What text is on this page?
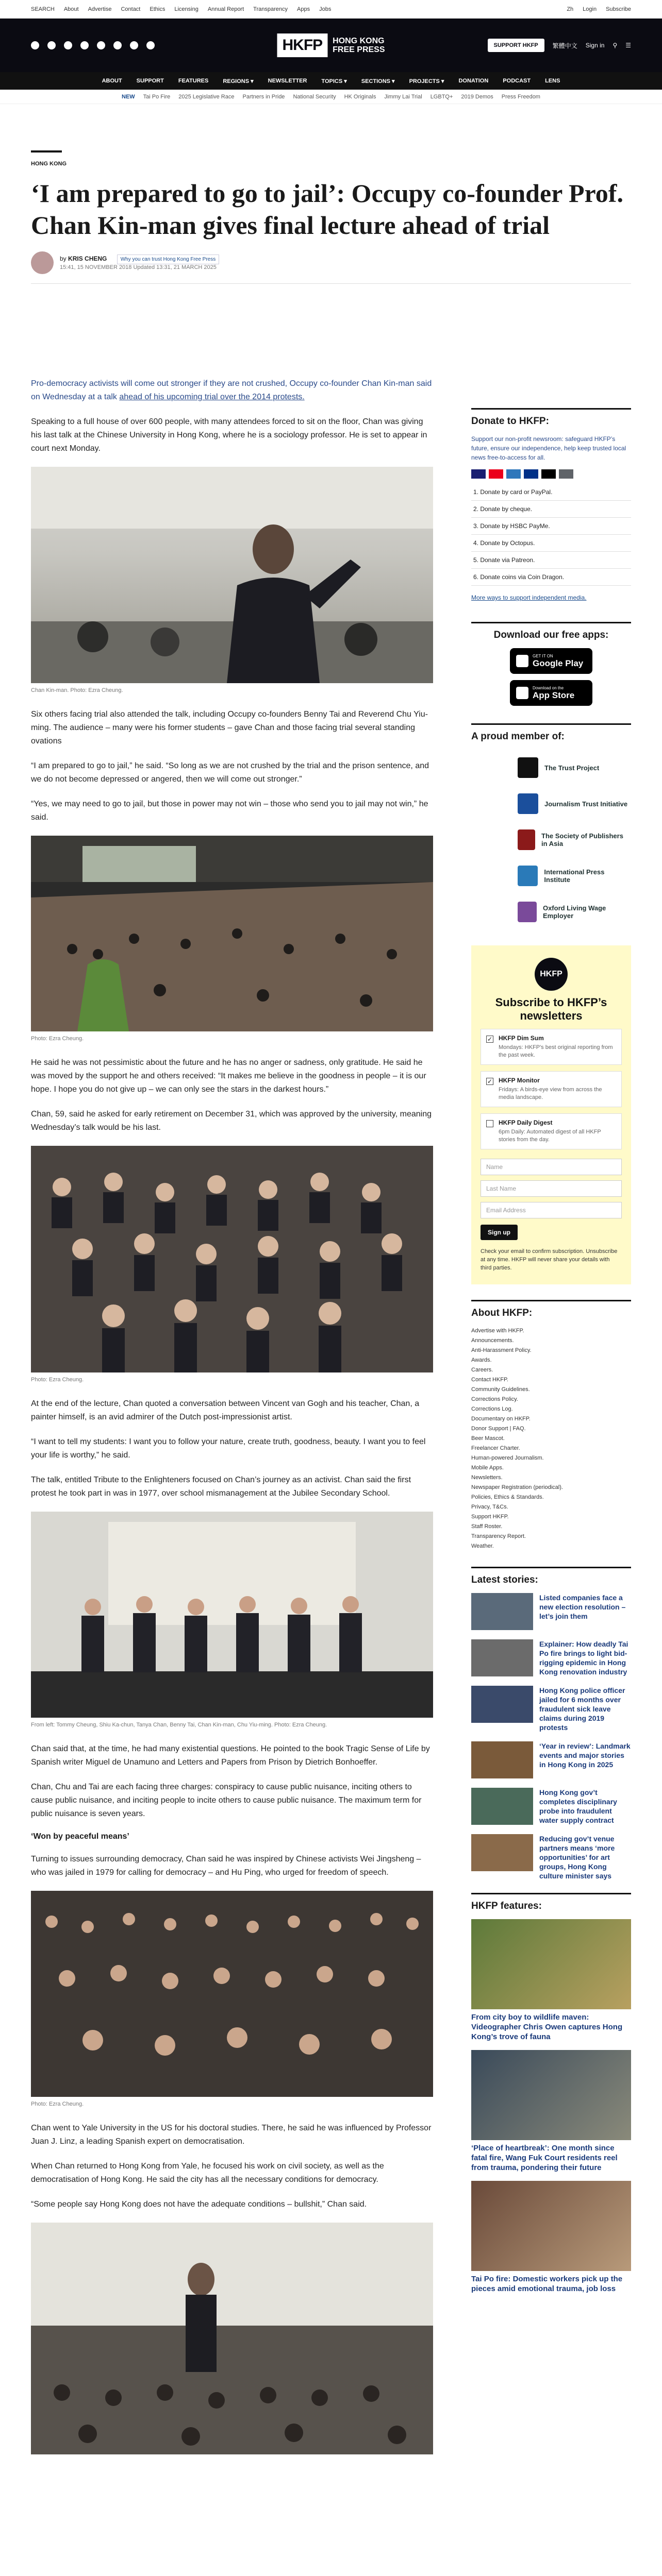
SEARCH About Advertise Contact Ethics Licensing Annual Report Transparency Apps Jobs	Zh Login Subscribe
HKFP	HONG KONG
FREE PRESS	SUPPORT HKFP	繁體中文 Sign in ⚲ ☰
ABOUT	SUPPORT	FEATURES	REGIONS ▾	NEWSLETTER	TOPICS ▾	SECTIONS ▾	PROJECTS ▾	DONATION	PODCAST	LENS
NEW Tai Po Fire 2025 Legislative Race Partners in Pride National Security HK Originals Jimmy Lai Trial LGBTQ+ 2019 Demos Press Freedom
HONG KONG
‘I am prepared to go to jail’: Occupy co-founder Prof. Chan Kin-man gives final lecture ahead of trial
by KRIS CHENG	Why you can trust Hong Kong Free Press
15:41, 15 NOVEMBER 2018 Updated 13:31, 21 MARCH 2025

Pro-democracy activists will come out stronger if they are not crushed, Occupy co-founder Chan Kin-man said on Wednesday at a talk ahead of his upcoming trial over the 2014 protests.

Speaking to a full house of over 600 people, with many attendees forced to sit on the floor, Chan was giving his last talk at the Chinese University in Hong Kong, where he is a sociology professor. He is set to appear in court next Monday.

Chan Kin-man. Photo: Ezra Cheung.

Six others facing trial also attended the talk, including Occupy co-founders Benny Tai and Reverend Chu Yiu-ming. The audience – many were his former students – gave Chan and those facing trial several standing ovations

“I am prepared to go to jail,” he said. “So long as we are not crushed by the trial and the prison sentence, and we do not become depressed or angered, then we will come out stronger.”

“Yes, we may need to go to jail, but those in power may not win – those who send you to jail may not win,” he said.

Photo: Ezra Cheung.

He said he was not pessimistic about the future and he has no anger or sadness, only gratitude. He said he was moved by the support he and others received: “It makes me believe in the goodness in people – it is our hope. I hope you do not give up – we can only see the stars in the darkest hours.”

Chan, 59, said he asked for early retirement on December 31, which was approved by the university, meaning Wednesday’s talk would be his last.

Photo: Ezra Cheung.

At the end of the lecture, Chan quoted a conversation between Vincent van Gogh and his teacher, Chan, a painter himself, is an avid admirer of the Dutch post-impressionist artist.

“I want to tell my students: I want you to follow your nature, create truth, goodness, beauty. I want you to feel your life is worthy,” he said.

The talk, entitled Tribute to the Enlighteners focused on Chan’s journey as an activist. Chan said the first protest he took part in was in 1977, over school mismanagement at the Jubilee Secondary School.

From left: Tommy Cheung, Shiu Ka-chun, Tanya Chan, Benny Tai, Chan Kin-man, Chu Yiu-ming. Photo: Ezra Cheung.

Chan said that, at the time, he had many existential questions. He pointed to the book Tragic Sense of Life by Spanish writer Miguel de Unamuno and Letters and Papers from Prison by Dietrich Bonhoeffer.

Chan, Chu and Tai are each facing three charges: conspiracy to cause public nuisance, inciting others to cause public nuisance, and inciting people to incite others to cause public nuisance. The maximum term for public nuisance is seven years.

‘Won by peaceful means’

Turning to issues surrounding democracy, Chan said he was inspired by Chinese activists Wei Jingsheng – who was jailed in 1979 for calling for democracy – and Hu Ping, who urged for freedom of speech.

Photo: Ezra Cheung.

Chan went to Yale University in the US for his doctoral studies. There, he said he was influenced by Professor Juan J. Linz, a leading Spanish expert on democratisation.

When Chan returned to Hong Kong from Yale, he focused his work on civil society, as well as the democratisation of Hong Kong. He said the city has all the necessary conditions for democracy.

“Some people say Hong Kong does not have the adequate conditions – bullshit,” Chan said.

Donate to HKFP:
Support our non-profit newsroom: safeguard HKFP’s future, ensure our independence, help keep trusted local news free-to-access for all.
1. Donate by card or PayPal.
2. Donate by cheque.
3. Donate by HSBC PayMe.
4. Donate by Octopus.
5. Donate via Patreon.
6. Donate coins via Coin Dragon.
More ways to support independent media.
Download our free apps:
GET IT ON
Google Play
Download on the
App Store
A proud member of:
The Trust Project
Journalism Trust Initiative
The Society of Publishers in Asia
International Press Institute
Oxford Living Wage Employer
HKFP
Subscribe to HKFP’s newsletters
✓ HKFP Dim Sum
Mondays: HKFP's best original reporting from the past week.
✓ HKFP Monitor
Fridays: A birds-eye view from across the media landscape.
HKFP Daily Digest
6pm Daily: Automated digest of all HKFP stories from the day.
Name
Last Name
Email Address
Sign up
Check your email to confirm subscription. Unsubscribe at any time. HKFP will never share your details with third parties.
About HKFP:
Advertise with HKFP.
Announcements.
Anti-Harassment Policy.
Awards.
Careers.
Contact HKFP.
Community Guidelines.
Corrections Policy.
Corrections Log.
Documentary on HKFP.
Donor Support | FAQ.
Beer Mascot.
Freelancer Charter.
Human-powered Journalism.
Mobile Apps.
Newsletters.
Newspaper Registration (periodical).
Policies, Ethics & Standards.
Privacy, T&Cs.
Support HKFP.
Staff Roster.
Transparency Report.
Weather.
Latest stories:
Listed companies face a new election resolution – let’s join them
Explainer: How deadly Tai Po fire brings to light bid-rigging epidemic in Hong Kong renovation industry
Hong Kong police officer jailed for 6 months over fraudulent sick leave claims during 2019 protests
‘Year in review’: Landmark events and major stories in Hong Kong in 2025
Hong Kong gov’t completes disciplinary probe into fraudulent water supply contract
Reducing gov’t venue partners means ‘more opportunities’ for art groups, Hong Kong culture minister says
HKFP features:
From city boy to wildlife maven: Videographer Chris Owen captures Hong Kong’s trove of fauna
‘Place of heartbreak’: One month since fatal fire, Wang Fuk Court residents reel from trauma, pondering their future
Tai Po fire: Domestic workers pick up the pieces amid emotional trauma, job loss
